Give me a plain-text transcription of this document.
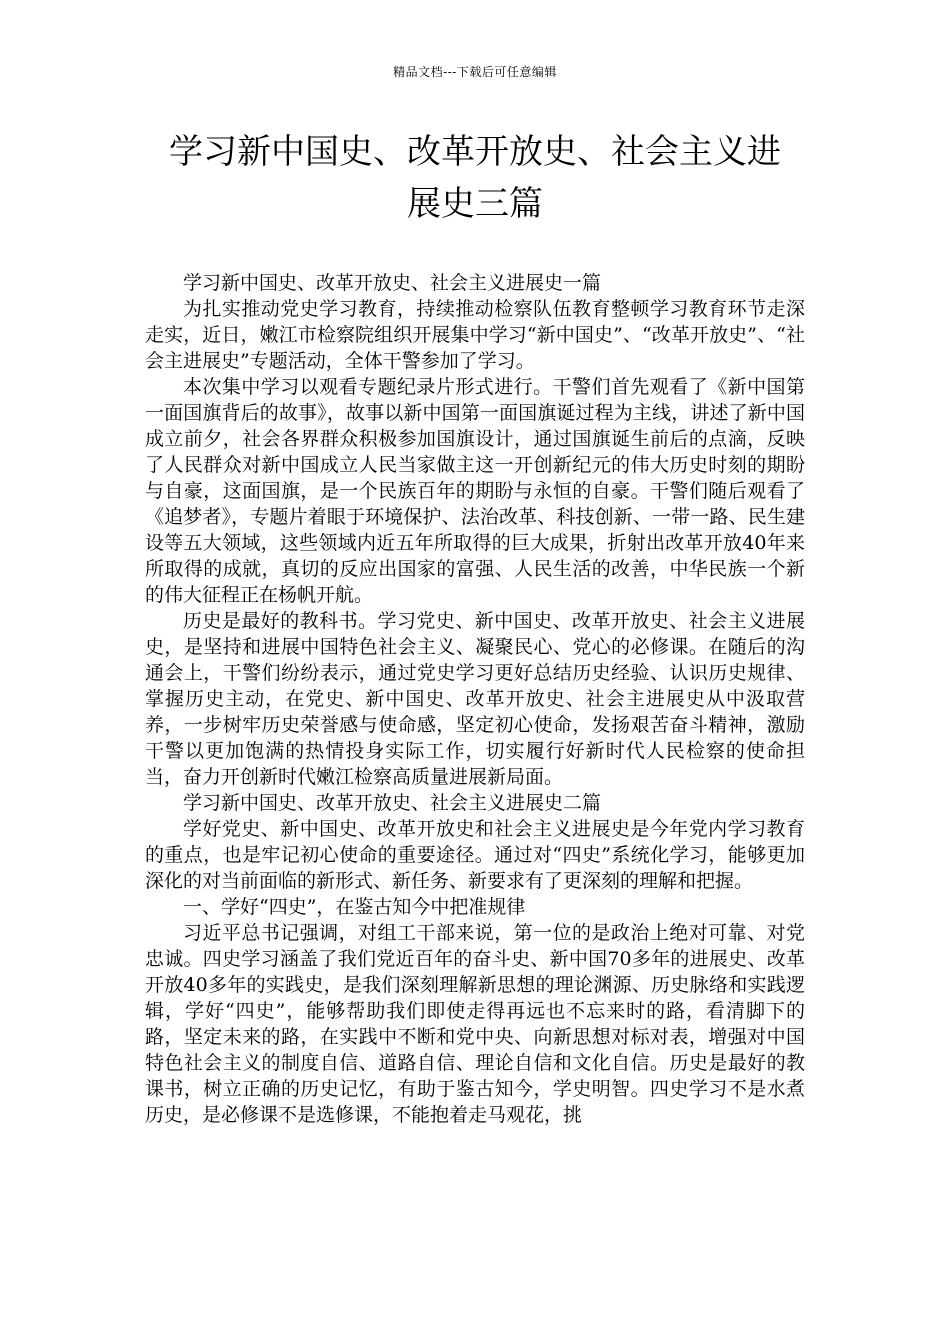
精品文档---下载后可任意编辑
学习新中国史、改革开放史、社会主义进
展史三篇

学习新中国史、改革开放史、社会主义进展史一篇

为扎实推动党史学习教育，持续推动检察队伍教育整顿学习教育环节走深走实，近日，嫩江市检察院组织开展集中学习“新中国史”、“改革开放史”、“社会主进展史”专题活动，全体干警参加了学习。

本次集中学习以观看专题纪录片形式进行。干警们首先观看了《新中国第一面国旗背后的故事》，故事以新中国第一面国旗诞过程为主线，讲述了新中国成立前夕，社会各界群众积极参加国旗设计，通过国旗诞生前后的点滴，反映了人民群众对新中国成立人民当家做主这一开创新纪元的伟大历史时刻的期盼与自豪，这面国旗，是一个民族百年的期盼与永恒的自豪。干警们随后观看了《追梦者》，专题片着眼于环境保护、法治改革、科技创新、一带一路、民生建设等五大领域，这些领域内近五年所取得的巨大成果，折射出改革开放40年来所取得的成就，真切的反应出国家的富强、人民生活的改善，中华民族一个新的伟大征程正在杨帆开航。

历史是最好的教科书。学习党史、新中国史、改革开放史、社会主义进展史，是坚持和进展中国特色社会主义、凝聚民心、党心的必修课。在随后的沟通会上，干警们纷纷表示，通过党史学习更好总结历史经验、认识历史规律、掌握历史主动，在党史、新中国史、改革开放史、社会主进展史从中汲取营养，一步树牢历史荣誉感与使命感，坚定初心使命，发扬艰苦奋斗精神，激励干警以更加饱满的热情投身实际工作，切实履行好新时代人民检察的使命担当，奋力开创新时代嫩江检察高质量进展新局面。

学习新中国史、改革开放史、社会主义进展史二篇

学好党史、新中国史、改革开放史和社会主义进展史是今年党内学习教育的重点，也是牢记初心使命的重要途径。通过对“四史”系统化学习，能够更加深化的对当前面临的新形式、新任务、新要求有了更深刻的理解和把握。

一、学好“四史”，在鉴古知今中把准规律

习近平总书记强调，对组工干部来说，第一位的是政治上绝对可靠、对党忠诚。四史学习涵盖了我们党近百年的奋斗史、新中国70多年的进展史、改革开放40多年的实践史，是我们深刻理解新思想的理论渊源、历史脉络和实践逻辑，学好“四史”，能够帮助我们即使走得再远也不忘来时的路，看清脚下的路，坚定未来的路，在实践中不断和党中央、向新思想对标对表，增强对中国特色社会主义的制度自信、道路自信、理论自信和文化自信。历史是最好的教课书，树立正确的历史记忆，有助于鉴古知今，学史明智。四史学习不是水煮历史，是必修课不是选修课，不能抱着走马观花，挑
